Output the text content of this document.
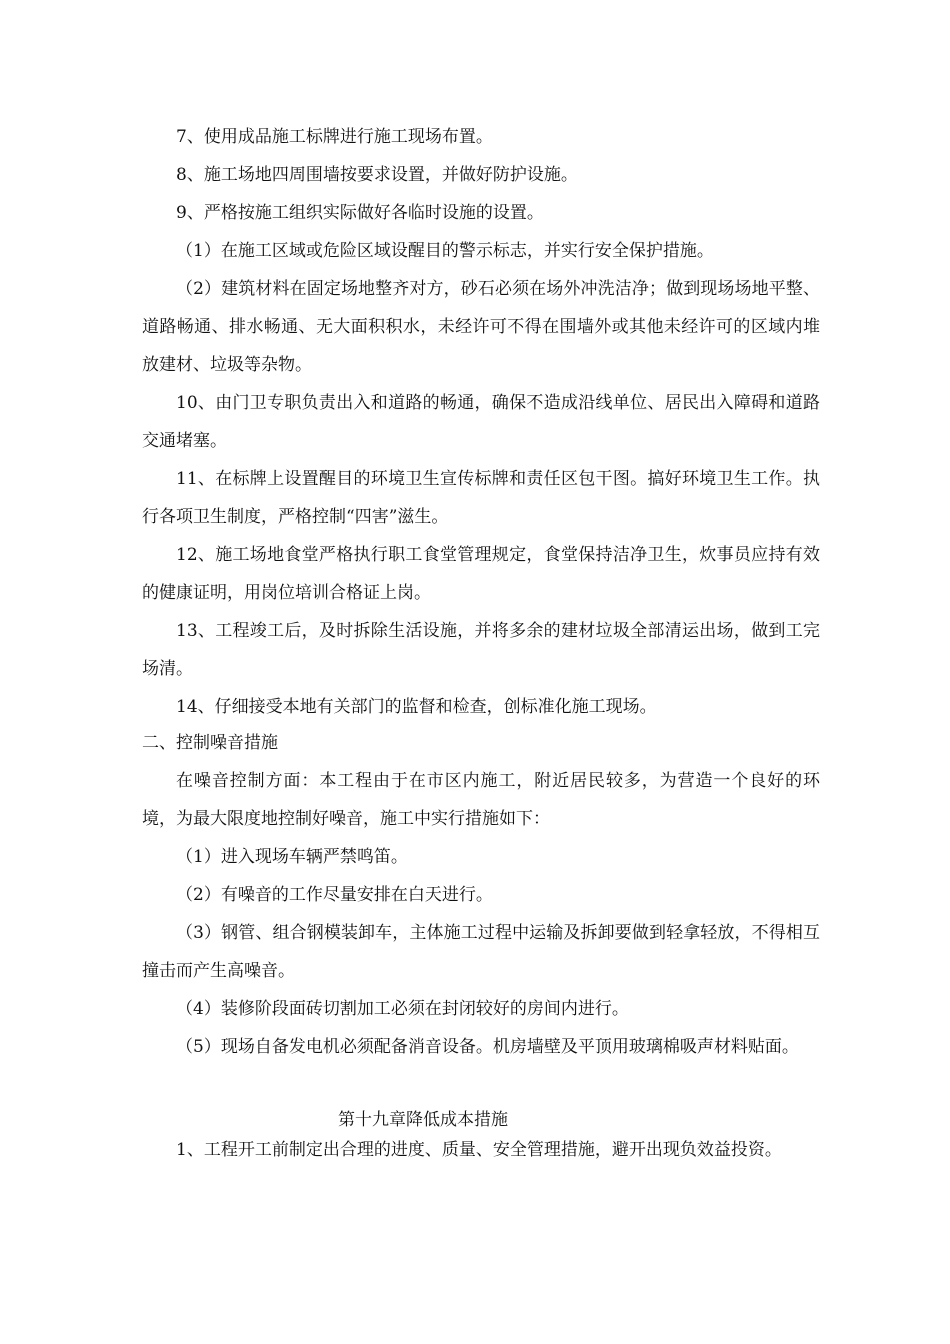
7、使用成品施工标牌进行施工现场布置。
8、施工场地四周围墙按要求设置，并做好防护设施。
9、严格按施工组织实际做好各临时设施的设置。
（1）在施工区域或危险区域设醒目的警示标志，并实行安全保护措施。
（2）建筑材料在固定场地整齐对方，砂石必须在场外冲洗洁净；做到现场场地平整、道路畅通、排水畅通、无大面积积水，未经许可不得在围墙外或其他未经许可的区域内堆放建材、垃圾等杂物。
10、由门卫专职负责出入和道路的畅通，确保不造成沿线单位、居民出入障碍和道路交通堵塞。
11、在标牌上设置醒目的环境卫生宣传标牌和责任区包干图。搞好环境卫生工作。执行各项卫生制度，严格控制“四害”滋生。
12、施工场地食堂严格执行职工食堂管理规定，食堂保持洁净卫生，炊事员应持有效的健康证明，用岗位培训合格证上岗。
13、工程竣工后，及时拆除生活设施，并将多余的建材垃圾全部清运出场，做到工完场清。
14、仔细接受本地有关部门的监督和检查，创标准化施工现场。
二、控制噪音措施
在噪音控制方面：本工程由于在市区内施工，附近居民较多，为营造一个良好的环境，为最大限度地控制好噪音，施工中实行措施如下：
（1）进入现场车辆严禁鸣笛。
（2）有噪音的工作尽量安排在白天进行。
（3）钢管、组合钢模装卸车，主体施工过程中运输及拆卸要做到轻拿轻放，不得相互撞击而产生高噪音。
（4）装修阶段面砖切割加工必须在封闭较好的房间内进行。
（5）现场自备发电机必须配备消音设备。机房墙壁及平顶用玻璃棉吸声材料贴面。
第十九章降低成本措施
1、工程开工前制定出合理的进度、质量、安全管理措施，避开出现负效益投资。
